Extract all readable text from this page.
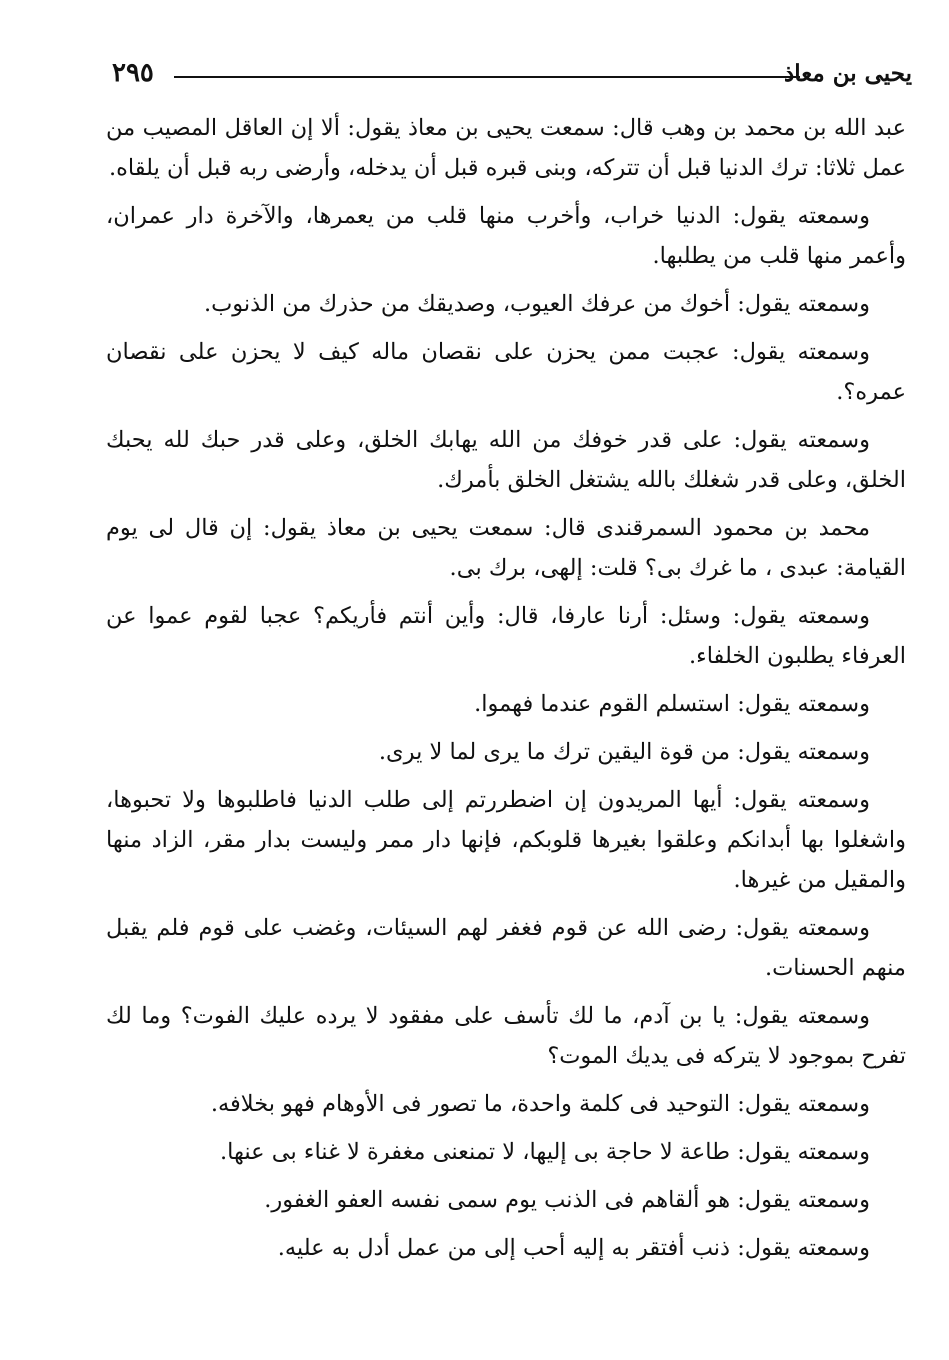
يحيى بن معاذ
٢٩٥

عبد الله بن محمد بن وهب قال: سمعت يحيى بن معاذ يقول: ألا إن العاقل المصيب من عمل ثلاثا: ترك الدنيا قبل أن تتركه، وبنى قبره قبل أن يدخله، وأرضى ربه قبل أن يلقاه.

وسمعته يقول: الدنيا خراب، وأخرب منها قلب من يعمرها، والآخرة دار عمران، وأعمر منها قلب من يطلبها.

وسمعته يقول: أخوك من عرفك العيوب، وصديقك من حذرك من الذنوب.

وسمعته يقول: عجبت ممن يحزن على نقصان ماله كيف لا يحزن على نقصان عمره؟.

وسمعته يقول: على قدر خوفك من الله يهابك الخلق، وعلى قدر حبك لله يحبك الخلق، وعلى قدر شغلك بالله يشتغل الخلق بأمرك.

محمد بن محمود السمرقندى قال: سمعت يحيى بن معاذ يقول: إن قال لى يوم القيامة: عبدى ، ما غرك بى؟ قلت: إلهى، برك بى.

وسمعته يقول: وسئل: أرنا عارفا، قال: وأين أنتم فأريكم؟ عجبا لقوم عموا عن العرفاء يطلبون الخلفاء.

وسمعته يقول: استسلم القوم عندما فهموا.

وسمعته يقول: من قوة اليقين ترك ما يرى لما لا يرى.

وسمعته يقول: أيها المريدون إن اضطررتم إلى طلب الدنيا فاطلبوها ولا تحبوها، واشغلوا بها أبدانكم وعلقوا بغيرها قلوبكم، فإنها دار ممر وليست بدار مقر، الزاد منها والمقيل من غيرها.

وسمعته يقول: رضى الله عن قوم فغفر لهم السيئات، وغضب على قوم فلم يقبل منهم الحسنات.

وسمعته يقول: يا بن آدم، ما لك تأسف على مفقود لا يرده عليك الفوت؟ وما لك تفرح بموجود لا يتركه فى يديك الموت؟

وسمعته يقول: التوحيد فى كلمة واحدة، ما تصور فى الأوهام فهو بخلافه.

وسمعته يقول: طاعة لا حاجة بى إليها، لا تمنعنى مغفرة لا غناء بى عنها.

وسمعته يقول: هو ألقاهم فى الذنب يوم سمى نفسه العفو الغفور.

وسمعته يقول: ذنب أفتقر به إليه أحب إلى من عمل أدل به عليه.
